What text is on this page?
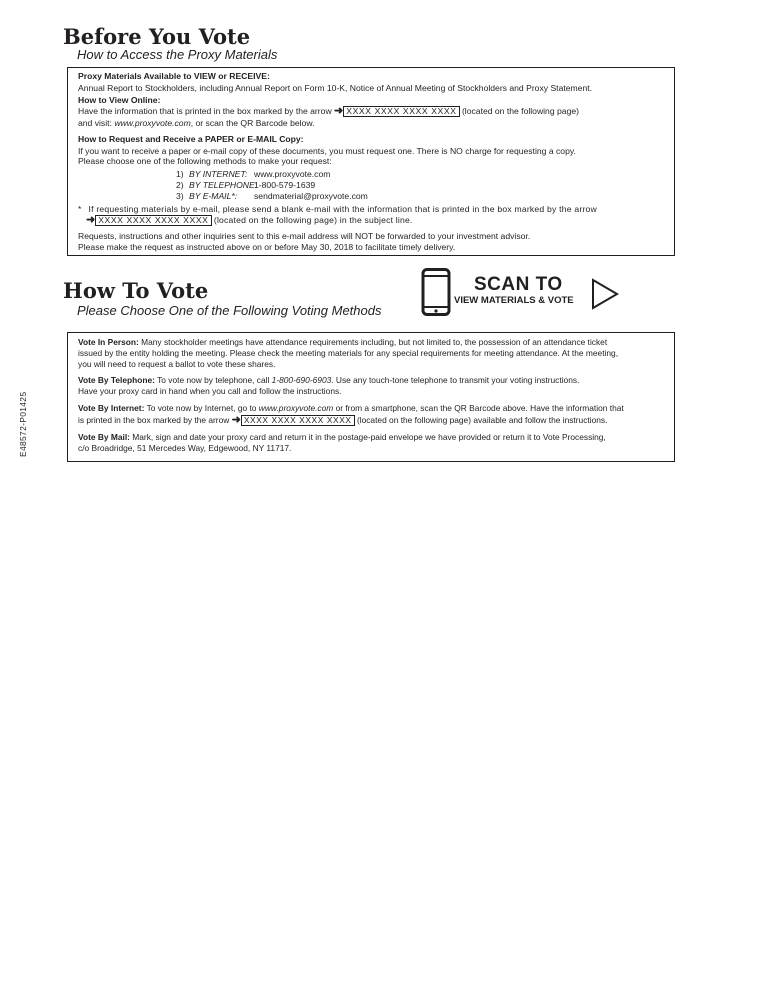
Before You Vote
How to Access the Proxy Materials
Proxy Materials Available to VIEW or RECEIVE:
Annual Report to Stockholders, including Annual Report on Form 10-K, Notice of Annual Meeting of Stockholders and Proxy Statement.
How to View Online:
Have the information that is printed in the box marked by the arrow ➜ XXXX XXXX XXXX XXXX (located on the following page)
and visit: www.proxyvote.com, or scan the QR Barcode below.
How to Request and Receive a PAPER or E-MAIL Copy:
If you want to receive a paper or e-mail copy of these documents, you must request one. There is NO charge for requesting a copy.
Please choose one of the following methods to make your request:
1) BY INTERNET: www.proxyvote.com
2) BY TELEPHONE:1-800-579-1639
3) BY E-MAIL*: sendmaterial@proxyvote.com
* If requesting materials by e-mail, please send a blank e-mail with the information that is printed in the box marked by the arrow
➜ XXXX XXXX XXXX XXXX (located on the following page) in the subject line.
Requests, instructions and other inquiries sent to this e-mail address will NOT be forwarded to your investment advisor.
Please make the request as instructed above on or before May 30, 2018 to facilitate timely delivery.
SCAN TO
VIEW MATERIALS & VOTE
How To Vote
Please Choose One of the Following Voting Methods
Vote In Person: Many stockholder meetings have attendance requirements including, but not limited to, the possession of an attendance ticket
issued by the entity holding the meeting. Please check the meeting materials for any special requirements for meeting attendance. At the meeting,
you will need to request a ballot to vote these shares.
Vote By Telephone: To vote now by telephone, call 1-800-690-6903. Use any touch-tone telephone to transmit your voting instructions.
Have your proxy card in hand when you call and follow the instructions.
Vote By Internet: To vote now by Internet, go to www.proxyvote.com or from a smartphone, scan the QR Barcode above. Have the information that
is printed in the box marked by the arrow ➜ XXXX XXXX XXXX XXXX (located on the following page) available and follow the instructions.
Vote By Mail: Mark, sign and date your proxy card and return it in the postage-paid envelope we have provided or return it to Vote Processing,
c/o Broadridge, 51 Mercedes Way, Edgewood, NY 11717.
E48572-P01425
